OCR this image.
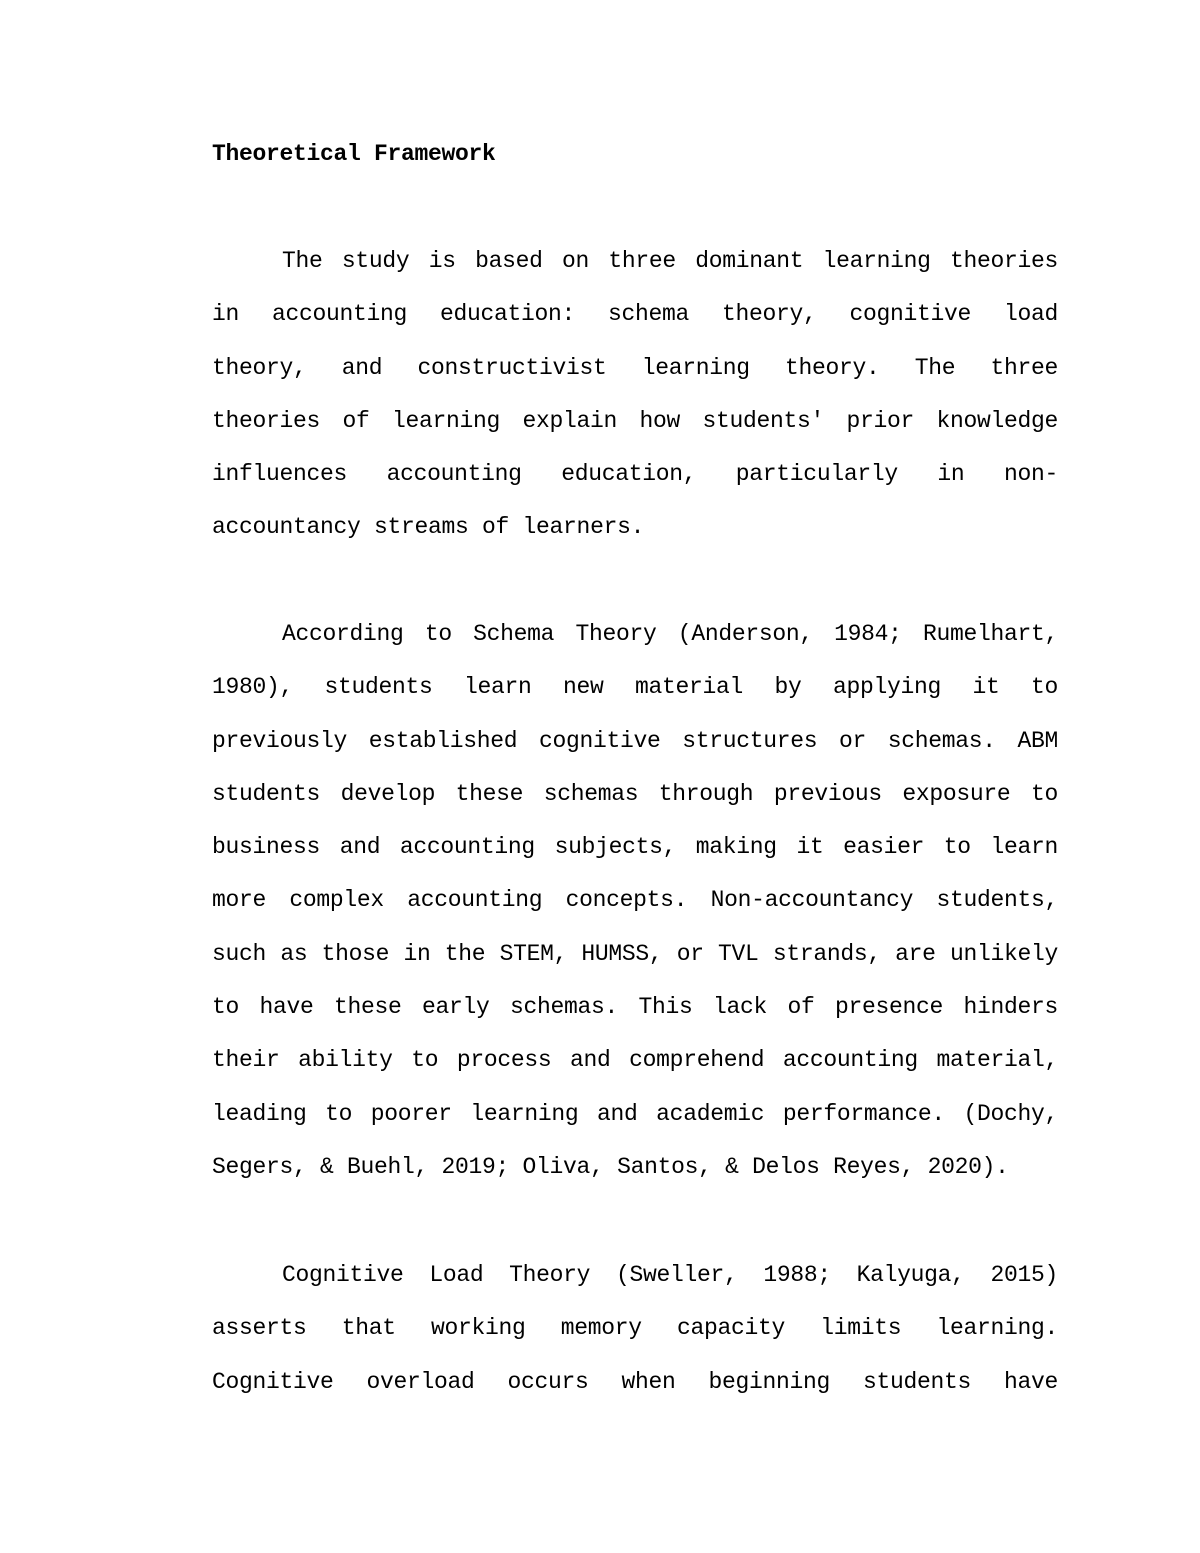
Theoretical Framework

The study is based on three dominant learning theories
in accounting education: schema theory, cognitive load
theory, and constructivist learning theory. The three
theories of learning explain how students' prior knowledge
influences accounting education, particularly in non-
accountancy streams of learners.

According to Schema Theory (Anderson, 1984; Rumelhart,
1980), students learn new material by applying it to
previously established cognitive structures or schemas. ABM
students develop these schemas through previous exposure to
business and accounting subjects, making it easier to learn
more complex accounting concepts. Non-accountancy students,
such as those in the STEM, HUMSS, or TVL strands, are unlikely
to have these early schemas. This lack of presence hinders
their ability to process and comprehend accounting material,
leading to poorer learning and academic performance. (Dochy,
Segers, & Buehl, 2019; Oliva, Santos, & Delos Reyes, 2020).

Cognitive Load Theory (Sweller, 1988; Kalyuga, 2015)
asserts that working memory capacity limits learning.
Cognitive overload occurs when beginning students have
